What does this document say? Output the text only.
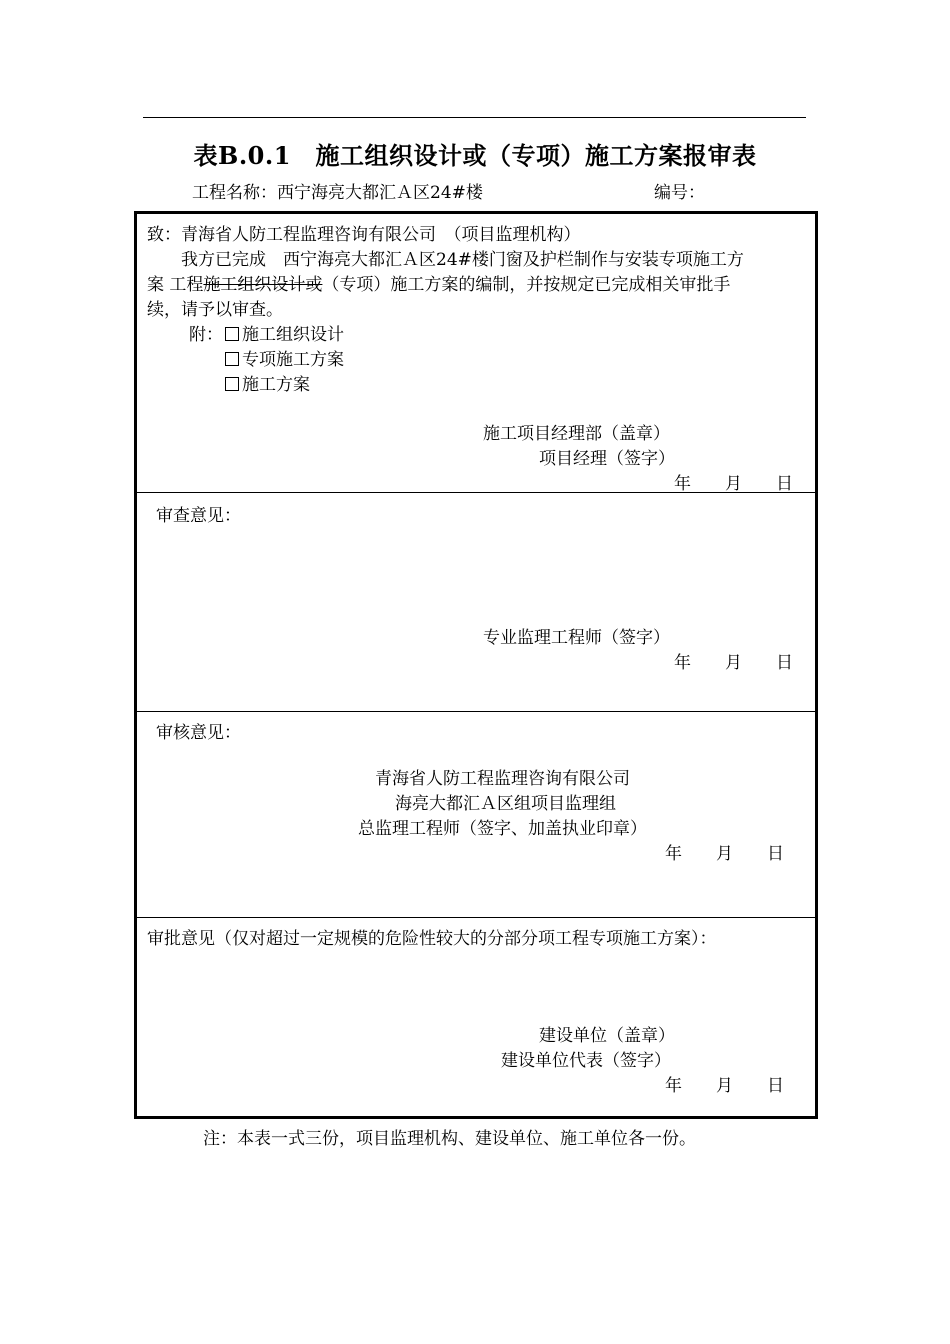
表B.0.1　施工组织设计或（专项）施工方案报审表
工程名称：西宁海亮大都汇Ａ区24#楼	编号：
致：青海省人防工程监理咨询有限公司　（项目监理机构）
我方已完成　西宁海亮大都汇Ａ区24#楼门窗及护栏制作与安装专项施工方
案 工程施工组织设计或（专项）施工方案的编制，并按规定已完成相关审批手
续，请予以审查。
附：	施工组织设计
专项施工方案
施工方案
施工项目经理部（盖章）
项目经理（签字）
年　　月　　日
审查意见：
专业监理工程师（签字）
年　　月　　日
审核意见：
青海省人防工程监理咨询有限公司
海亮大都汇Ａ区组项目监理组
总监理工程师（签字、加盖执业印章）
年　　月　　日
审批意见（仅对超过一定规模的危险性较大的分部分项工程专项施工方案）：
建设单位（盖章）
建设单位代表（签字）
年　　月　　日
注：本表一式三份，项目监理机构、建设单位、施工单位各一份。
